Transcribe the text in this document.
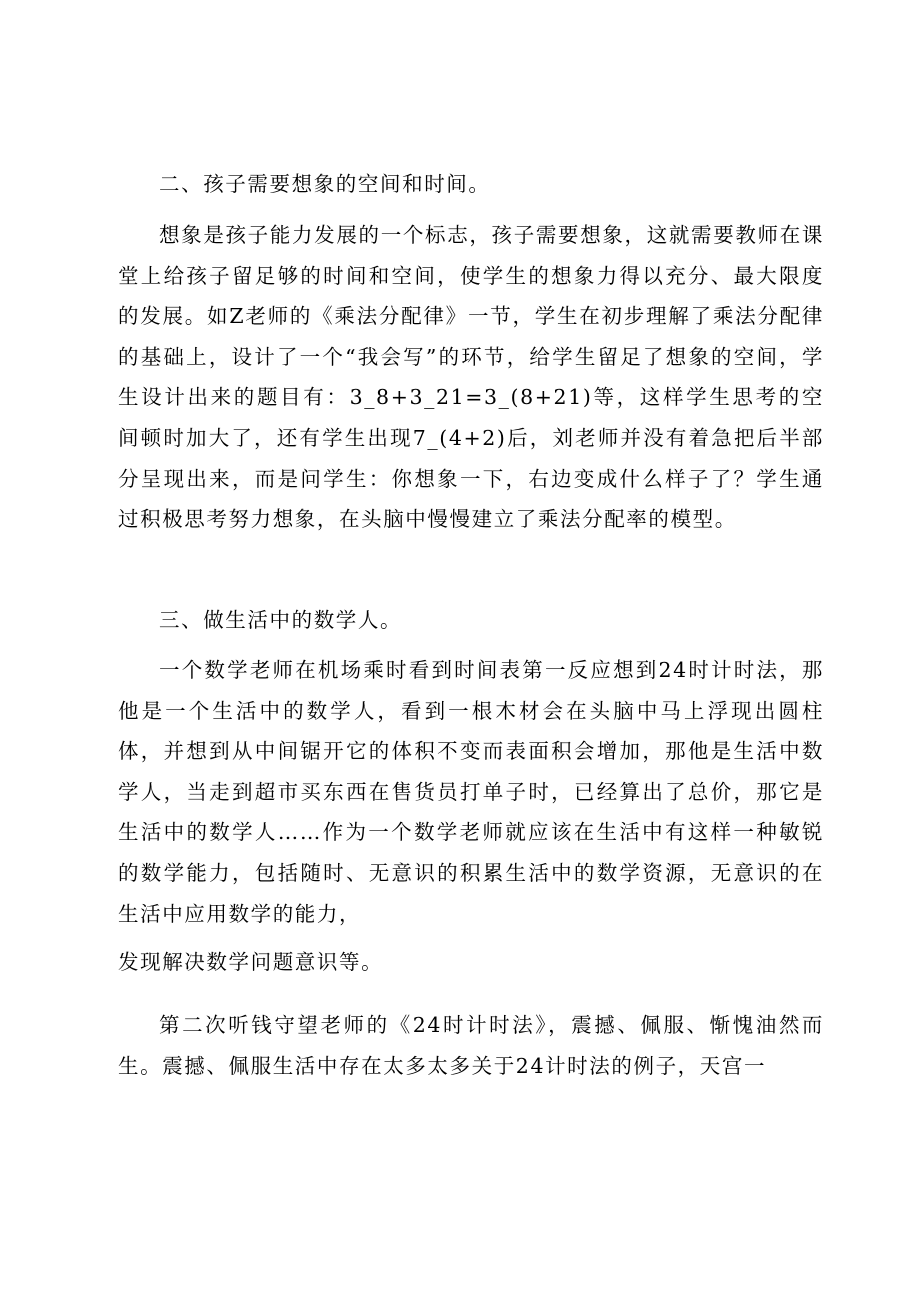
二、孩子需要想象的空间和时间。

想象是孩子能力发展的一个标志，孩子需要想象，这就需要教师在课堂上给孩子留足够的时间和空间，使学生的想象力得以充分、最大限度的发展。如Z老师的《乘法分配律》一节，学生在初步理解了乘法分配律的基础上，设计了一个“我会写”的环节，给学生留足了想象的空间，学生设计出来的题目有：3_8+3_21=3_(8+21)等，这样学生思考的空间顿时加大了，还有学生出现7_(4+2)后，刘老师并没有着急把后半部分呈现出来，而是问学生：你想象一下，右边变成什么样子了？学生通过积极思考努力想象，在头脑中慢慢建立了乘法分配率的模型。

三、做生活中的数学人。

一个数学老师在机场乘时看到时间表第一反应想到24时计时法，那他是一个生活中的数学人，看到一根木材会在头脑中马上浮现出圆柱体，并想到从中间锯开它的体积不变而表面积会增加，那他是生活中数学人，当走到超市买东西在售货员打单子时，已经算出了总价，那它是生活中的数学人……作为一个数学老师就应该在生活中有这样一种敏锐的数学能力，包括随时、无意识的积累生活中的数学资源，无意识的在生活中应用数学的能力，

发现解决数学问题意识等。

第二次听钱守望老师的《24时计时法》，震撼、佩服、惭愧油然而生。震撼、佩服生活中存在太多太多关于24计时法的例子，天宫一
